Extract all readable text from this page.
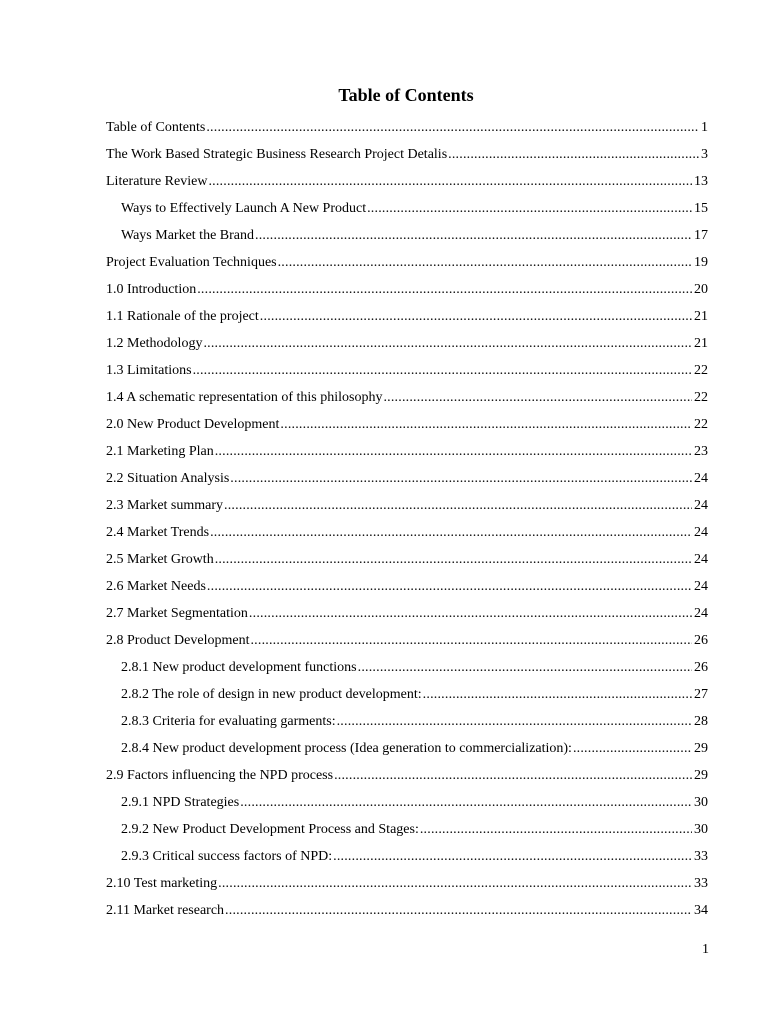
Table of Contents
Table of Contents .....	1
The Work Based Strategic Business Research Project Detalis .....	3
Literature Review .....	13
Ways to Effectively Launch A New Product .....	15
Ways Market the Brand .....	17
Project Evaluation Techniques .....	19
1.0 Introduction .....	20
1.1 Rationale of the project .....	21
1.2 Methodology .....	21
1.3 Limitations .....	22
1.4 A schematic representation of this philosophy .....	22
2.0 New Product Development .....	22
2.1 Marketing Plan .....	23
2.2 Situation Analysis .....	24
2.3 Market summary .....	24
2.4 Market Trends .....	24
2.5 Market Growth .....	24
2.6 Market Needs .....	24
2.7 Market Segmentation .....	24
2.8 Product Development .....	26
2.8.1 New product development functions .....	26
2.8.2 The role of design in new product development: .....	27
2.8.3 Criteria for evaluating garments: .....	28
2.8.4 New product development process (Idea generation to commercialization): .....	29
2.9 Factors influencing the NPD process .....	29
2.9.1 NPD Strategies .....	30
2.9.2 New Product Development Process and Stages: .....	30
2.9.3 Critical success factors of NPD: .....	33
2.10 Test marketing .....	33
2.11 Market research .....	34
1
